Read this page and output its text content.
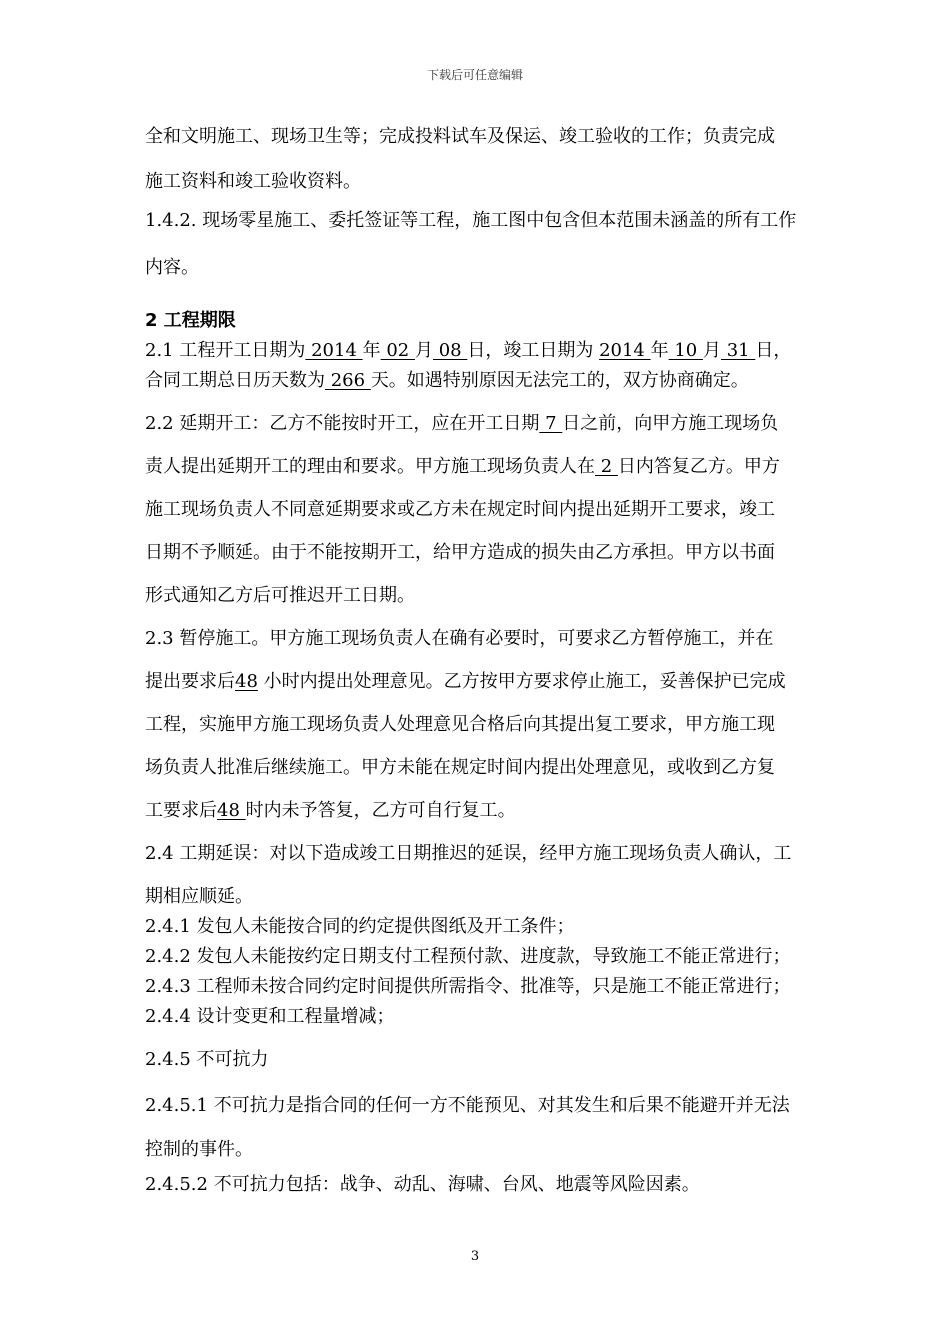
下载后可任意编辑
全和文明施工、现场卫生等；完成投料试车及保运、竣工验收的工作；负责完成
施工资料和竣工验收资料。
1.4.2. 现场零星施工、委托签证等工程，施工图中包含但本范围未涵盖的所有工作
内容。
2 工程期限
2.1 工程开工日期为 2014 年 02 月 08 日，竣工日期为 2014 年 10 月 31 日，
合同工期总日历天数为 266 天。如遇特别原因无法完工的，双方协商确定。
2.2 延期开工：乙方不能按时开工，应在开工日期 7 日之前，向甲方施工现场负
责人提出延期开工的理由和要求。甲方施工现场负责人在 2 日内答复乙方。甲方
施工现场负责人不同意延期要求或乙方未在规定时间内提出延期开工要求，竣工
日期不予顺延。由于不能按期开工，给甲方造成的损失由乙方承担。甲方以书面
形式通知乙方后可推迟开工日期。
2.3 暂停施工。甲方施工现场负责人在确有必要时，可要求乙方暂停施工，并在
提出要求后48 小时内提出处理意见。乙方按甲方要求停止施工，妥善保护已完成
工程，实施甲方施工现场负责人处理意见合格后向其提出复工要求，甲方施工现
场负责人批准后继续施工。甲方未能在规定时间内提出处理意见，或收到乙方复
工要求后48 时内未予答复，乙方可自行复工。
2.4 工期延误：对以下造成竣工日期推迟的延误，经甲方施工现场负责人确认，工
期相应顺延。
2.4.1 发包人未能按合同的约定提供图纸及开工条件；
2.4.2 发包人未能按约定日期支付工程预付款、进度款，导致施工不能正常进行；
2.4.3 工程师未按合同约定时间提供所需指令、批准等，只是施工不能正常进行；
2.4.4 设计变更和工程量增减；
2.4.5 不可抗力
2.4.5.1 不可抗力是指合同的任何一方不能预见、对其发生和后果不能避开并无法
控制的事件。
2.4.5.2 不可抗力包括：战争、动乱、海啸、台风、地震等风险因素。
3
